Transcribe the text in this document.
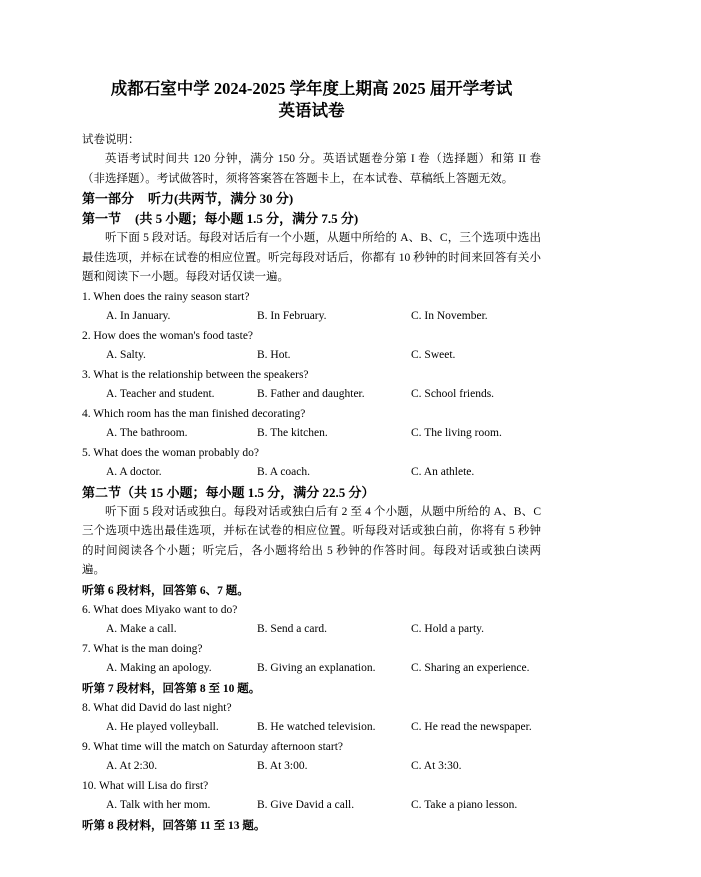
成都石室中学 2024-2025 学年度上期高 2025 届开学考试
英语试卷
试卷说明：
英语考试时间共 120 分钟，满分 150 分。英语试题卷分第 I 卷（选择题）和第 II 卷（非选择题）。考试做答时，须将答案答在答题卡上，在本试卷、草稿纸上答题无效。
第一部分 听力(共两节，满分 30 分)
第一节 (共 5 小题；每小题 1.5 分，满分 7.5 分)
听下面 5 段对话。每段对话后有一个小题，从题中所给的 A、B、C，三个选项中选出最佳选项，并标在试卷的相应位置。听完每段对话后，你都有 10 秒钟的时间来回答有关小题和阅读下一小题。每段对话仅读一遍。
1. When does the rainy season start?
A. In January.	B. In February.	C. In November.
2. How does the woman's food taste?
A. Salty.	B. Hot.	C. Sweet.
3. What is the relationship between the speakers?
A. Teacher and student.	B. Father and daughter.	C. School friends.
4. Which room has the man finished decorating?
A. The bathroom.	B. The kitchen.	C. The living room.
5. What does the woman probably do?
A. A doctor.	B. A coach.	C. An athlete.
第二节（共 15 小题；每小题 1.5 分，满分 22.5 分）
听下面 5 段对话或独白。每段对话或独白后有 2 至 4 个小题，从题中所给的 A、B、C 三个选项中选出最佳选项，并标在试卷的相应位置。听每段对话或独白前，你将有 5 秒钟的时间阅读各个小题；听完后，各小题将给出 5 秒钟的作答时间。每段对话或独白读两遍。
听第 6 段材料，回答第 6、7 题。
6. What does Miyako want to do?
A. Make a call.	B. Send a card.	C. Hold a party.
7. What is the man doing?
A. Making an apology.	B. Giving an explanation.	C. Sharing an experience.
听第 7 段材料，回答第 8 至 10 题。
8. What did David do last night?
A. He played volleyball.	B. He watched television.	C. He read the newspaper.
9. What time will the match on Saturday afternoon start?
A. At 2:30.	B. At 3:00.	C. At 3:30.
10. What will Lisa do first?
A. Talk with her mom.	B. Give David a call.	C. Take a piano lesson.
听第 8 段材料，回答第 11 至 13 题。
